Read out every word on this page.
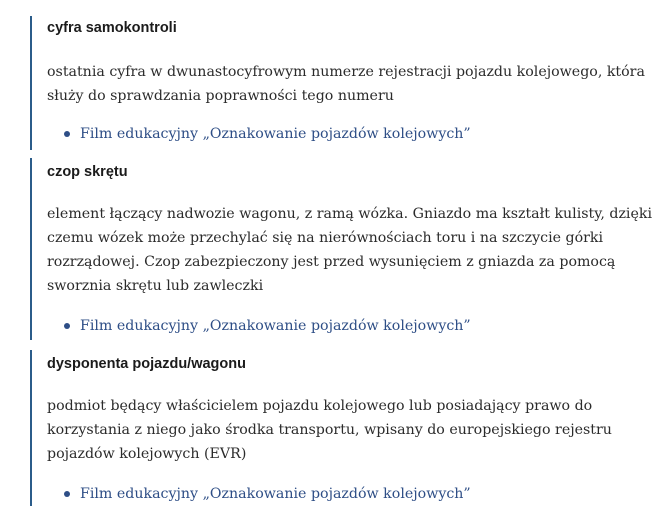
cyfra samokontroli

ostatnia cyfra w dwunastocyfrowym numerze rejestracji pojazdu kolejowego, która
służy do sprawdzania poprawności tego numeru

Film edukacyjny „Oznakowanie pojazdów kolejowych”
czop skrętu

element łączący nadwozie wagonu, z ramą wózka. Gniazdo ma kształt kulisty, dzięki
czemu wózek może przechylać się na nierównościach toru i na szczycie górki
rozrządowej. Czop zabezpieczony jest przed wysunięciem z gniazda za pomocą
sworznia skrętu lub zawleczki

Film edukacyjny „Oznakowanie pojazdów kolejowych”
dysponenta pojazdu/wagonu

podmiot będący właścicielem pojazdu kolejowego lub posiadający prawo do
korzystania z niego jako środka transportu, wpisany do europejskiego rejestru
pojazdów kolejowych (EVR)

Film edukacyjny „Oznakowanie pojazdów kolejowych”
